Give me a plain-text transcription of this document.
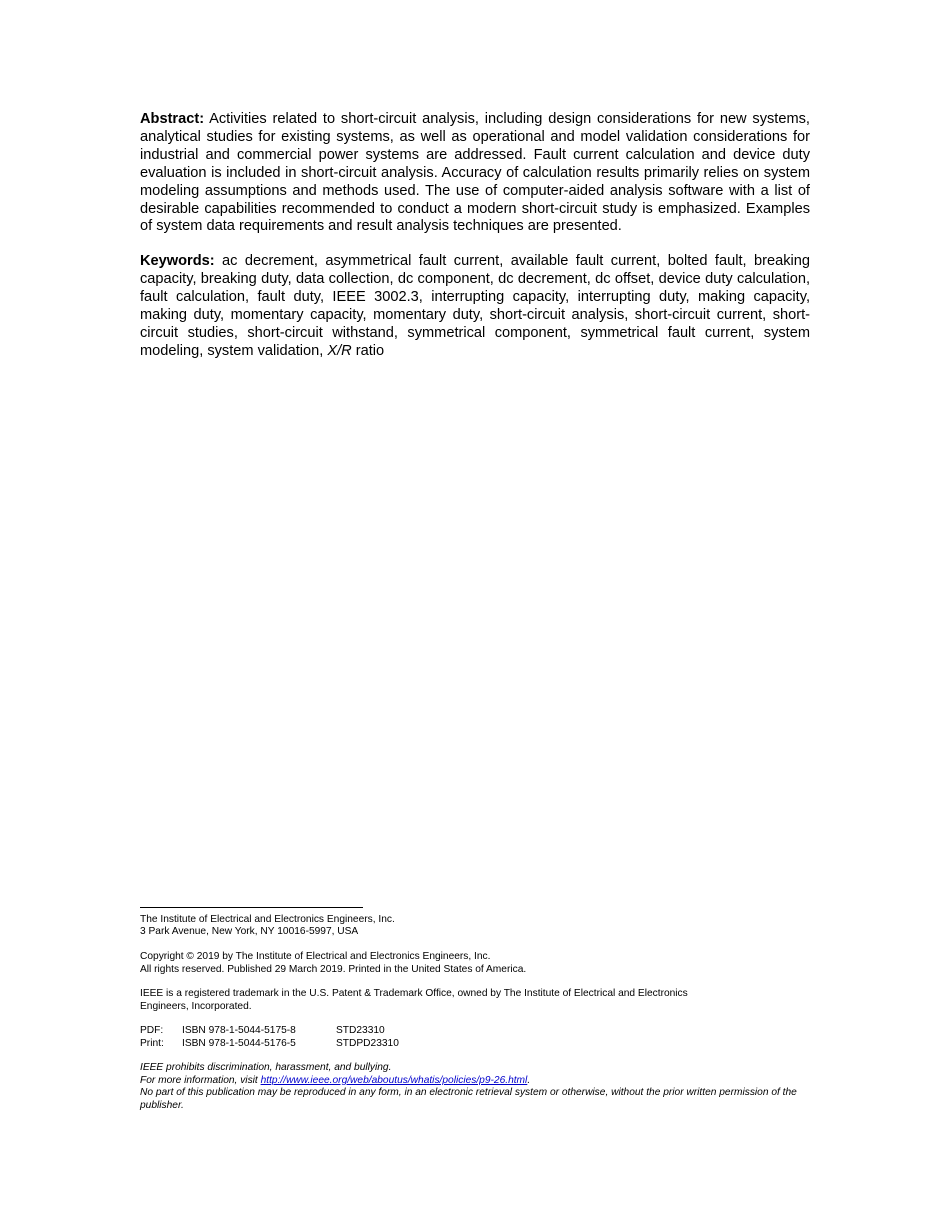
Abstract: Activities related to short-circuit analysis, including design considerations for new systems, analytical studies for existing systems, as well as operational and model validation considerations for industrial and commercial power systems are addressed. Fault current calculation and device duty evaluation is included in short-circuit analysis. Accuracy of calculation results primarily relies on system modeling assumptions and methods used. The use of computer-aided analysis software with a list of desirable capabilities recommended to conduct a modern short-circuit study is emphasized. Examples of system data requirements and result analysis techniques are presented.

Keywords: ac decrement, asymmetrical fault current, available fault current, bolted fault, breaking capacity, breaking duty, data collection, dc component, dc decrement, dc offset, device duty calculation, fault calculation, fault duty, IEEE 3002.3, interrupting capacity, interrupting duty, making capacity, making duty, momentary capacity, momentary duty, short-circuit analysis, short-circuit current, short-circuit studies, short-circuit withstand, symmetrical component, symmetrical fault current, system modeling, system validation, X/R ratio

The Institute of Electrical and Electronics Engineers, Inc.
3 Park Avenue, New York, NY 10016-5997, USA
Copyright © 2019 by The Institute of Electrical and Electronics Engineers, Inc.
All rights reserved. Published 29 March 2019. Printed in the United States of America.
IEEE is a registered trademark in the U.S. Patent & Trademark Office, owned by The Institute of Electrical and Electronics Engineers, Incorporated.
PDF:	ISBN 978-1-5044-5175-8	STD23310
Print:	ISBN 978-1-5044-5176-5	STDPD23310
IEEE prohibits discrimination, harassment, and bullying.
For more information, visit http://www.ieee.org/web/aboutus/whatis/policies/p9-26.html.
No part of this publication may be reproduced in any form, in an electronic retrieval system or otherwise, without the prior written permission of the publisher.
